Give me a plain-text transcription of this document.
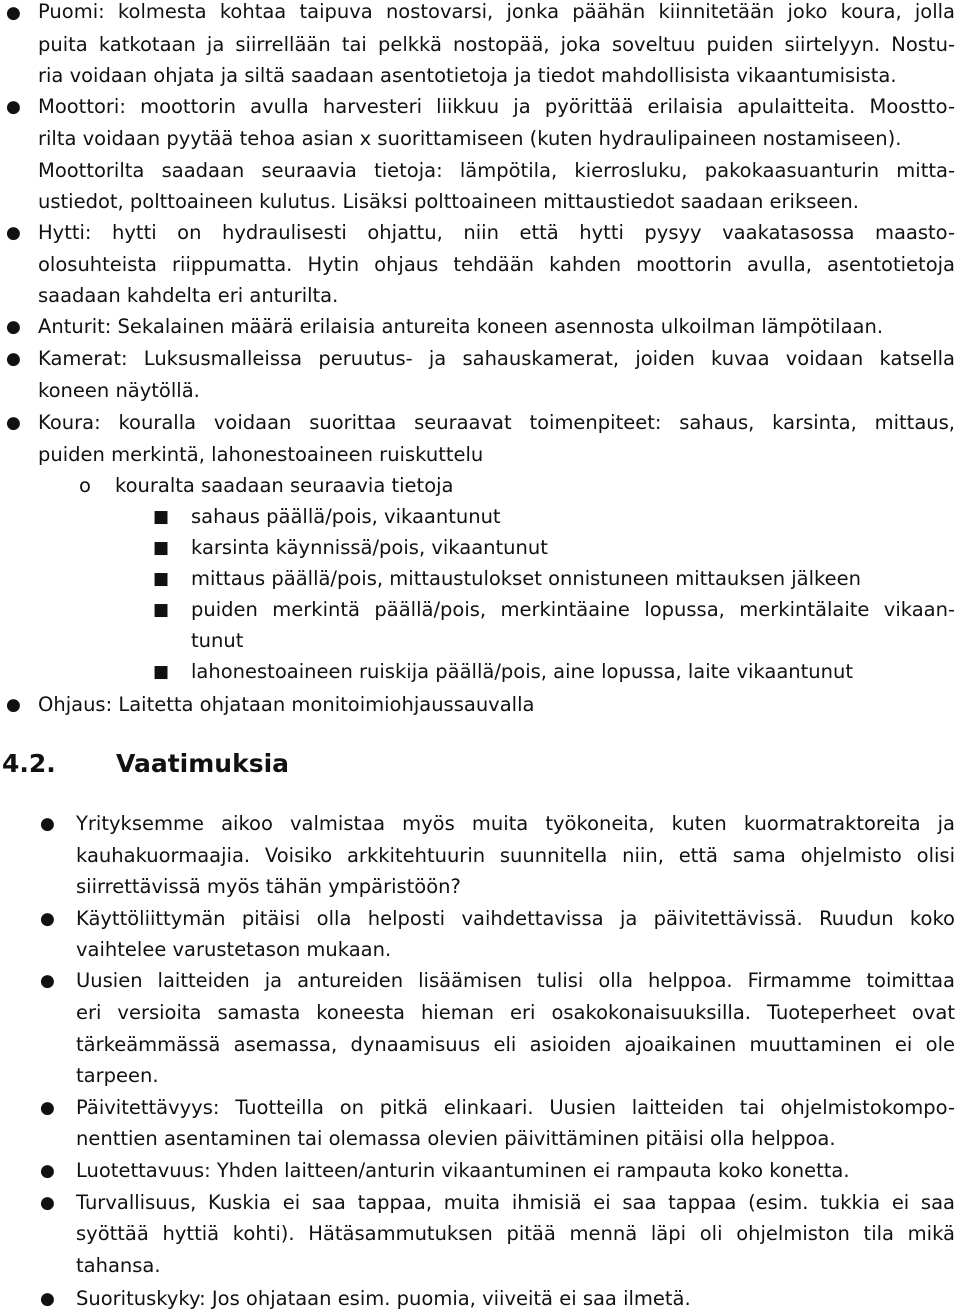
● Puomi: kolmesta kohtaa taipuva nostovarsi, jonka päähän kiinnitetään joko koura, jolla
puita katkotaan ja siirrellään tai pelkkä nostopää, joka soveltuu puiden siirtelyyn. Nostu-
ria voidaan ohjata ja siltä saadaan asentotietoja ja tiedot mahdollisista vikaantumisista.
● Moottori: moottorin avulla harvesteri liikkuu ja pyörittää erilaisia apulaitteita. Moostto-
rilta voidaan pyytää tehoa asian x suorittamiseen (kuten hydraulipaineen nostamiseen).
Moottorilta saadaan seuraavia tietoja: lämpötila, kierrosluku, pakokaasuanturin mitta-
ustiedot, polttoaineen kulutus. Lisäksi polttoaineen mittaustiedot saadaan erikseen.
● Hytti: hytti on hydraulisesti ohjattu, niin että hytti pysyy vaakatasossa maasto-
olosuhteista riippumatta. Hytin ohjaus tehdään kahden moottorin avulla, asentotietoja
saadaan kahdelta eri anturilta.
● Anturit: Sekalainen määrä erilaisia antureita koneen asennosta ulkoilman lämpötilaan.
● Kamerat: Luksusmalleissa peruutus- ja sahauskamerat, joiden kuvaa voidaan katsella
koneen näytöllä.
● Koura: kouralla voidaan suorittaa seuraavat toimenpiteet: sahaus, karsinta, mittaus,
puiden merkintä, lahonestoaineen ruiskuttelu
o kouralta saadaan seuraavia tietoja
■ sahaus päällä/pois, vikaantunut
■ karsinta käynnissä/pois, vikaantunut
■ mittaus päällä/pois, mittaustulokset onnistuneen mittauksen jälkeen
■ puiden merkintä päällä/pois, merkintäaine lopussa, merkintälaite vikaan-
tunut
■ lahonestoaineen ruiskija päällä/pois, aine lopussa, laite vikaantunut
● Ohjaus: Laitetta ohjataan monitoimiohjaussauvalla
4.2. Vaatimuksia
● Yrityksemme aikoo valmistaa myös muita työkoneita, kuten kuormatraktoreita ja
kauhakuormaajia. Voisiko arkkitehtuurin suunnitella niin, että sama ohjelmisto olisi
siirrettävissä myös tähän ympäristöön?
● Käyttöliittymän pitäisi olla helposti vaihdettavissa ja päivitettävissä. Ruudun koko
vaihtelee varustetason mukaan.
● Uusien laitteiden ja antureiden lisäämisen tulisi olla helppoa. Firmamme toimittaa
eri versioita samasta koneesta hieman eri osakokonaisuuksilla. Tuoteperheet ovat
tärkeämmässä asemassa, dynaamisuus eli asioiden ajoaikainen muuttaminen ei ole
tarpeen.
● Päivitettävyys: Tuotteilla on pitkä elinkaari. Uusien laitteiden tai ohjelmistokompo-
nenttien asentaminen tai olemassa olevien päivittäminen pitäisi olla helppoa.
● Luotettavuus: Yhden laitteen/anturin vikaantuminen ei rampauta koko konetta.
● Turvallisuus, Kuskia ei saa tappaa, muita ihmisiä ei saa tappaa (esim. tukkia ei saa
syöttää hyttiä kohti). Hätäsammutuksen pitää mennä läpi oli ohjelmiston tila mikä
tahansa.
● Suorituskyky: Jos ohjataan esim. puomia, viiveitä ei saa ilmetä.
